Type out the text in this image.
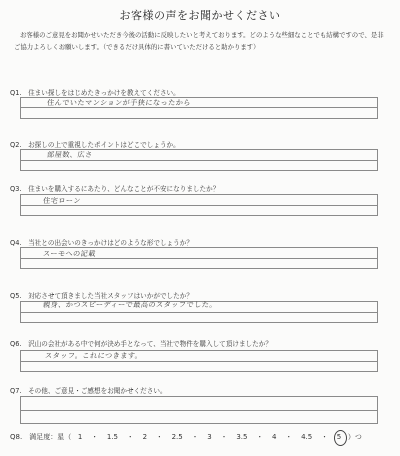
お客様の声をお聞かせください
お客様のご意見をお聞かせいただき今後の活動に反映したいと考えております。どのような些細なことでも結構ですので、是非ご協力よろしくお願いします。（できるだけ具体的に書いていただけると助かります）
Q1.　住まい探しをはじめたきっかけを教えてください。
住んでいたマンションが手狭になったから
Q2.　お探しの上で重視したポイントはどこでしょうか。
部屋数、広さ
Q3.　住まいを購入するにあたり、どんなことが不安になりましたか？
住宅ローン
Q4.　当社との出会いのきっかけはどのような形でしょうか？
スーモへの記載
Q5.　対応させて頂きました当社スタッフはいかがでしたか？
親身、かつスピーディーで最高のスタッフでした。
Q6.　沢山の会社がある中で何が決め手となって、当社で物件を購入して頂けましたか？
スタッフ。これにつきます。
Q7.　その他、ご意見・ご感想をお聞かせください。
Q8.　満足度：星（ 1 ・ 1.5 ・ 2 ・ 2.5 ・ 3 ・ 3.5 ・ 4 ・ 4.5 ・ 5 ）つ
